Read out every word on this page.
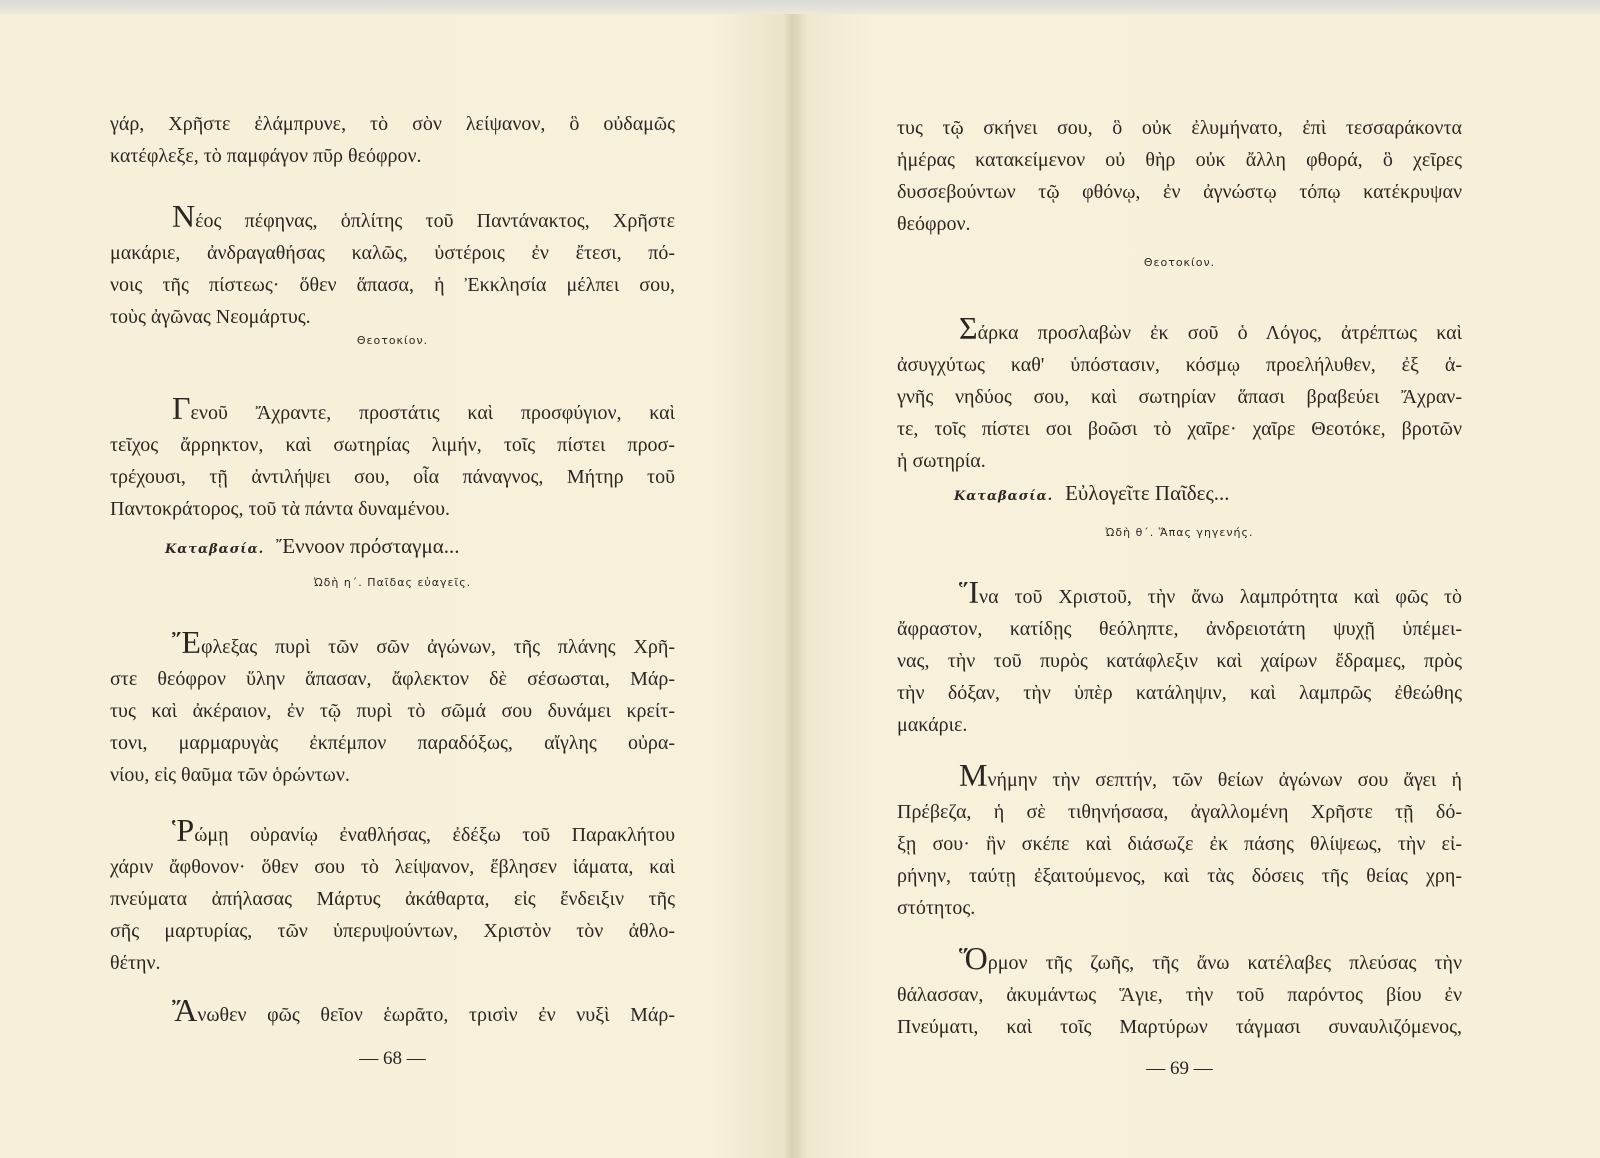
γάρ, Χρῆστε ἐλάμπρυνε, τὸ σὸν λείψανον, ὃ οὐδαμῶς
κατέφλεξε, τὸ παμφάγον πῦρ θεόφρον.
Νέος πέφηνας, ὁπλίτης τοῦ Παντάνακτος, Χρῆστε
μακάριε, ἀνδραγαθήσας καλῶς, ὑστέροις ἐν ἔτεσι, πό-
νοις τῆς πίστεως· ὅθεν ἅπασα, ἡ Ἐκκλησία μέλπει σου,
τοὺς ἀγῶνας Νεομάρτυς.
Θεοτοκίον.
Γενοῦ Ἄχραντε, προστάτις καὶ προσφύγιον, καὶ
τεῖχος ἄρρηκτον, καὶ σωτηρίας λιμήν, τοῖς πίστει προσ-
τρέχουσι, τῇ ἀντιλήψει σου, οἷα πάναγνος, Μήτηρ τοῦ
Παντοκράτορος, τοῦ τὰ πάντα δυναμένου.
Καταβασία. Ἔννοον πρόσταγμα...
Ὠδὴ η΄. Παῖδας εὐαγεῖς.
Ἔφλεξας πυρὶ τῶν σῶν ἀγώνων, τῆς πλάνης Χρῆ-
στε θεόφρον ὕλην ἅπασαν, ἄφλεκτον δὲ σέσωσται, Μάρ-
τυς καὶ ἀκέραιον, ἐν τῷ πυρὶ τὸ σῶμά σου δυνάμει κρείτ-
τονι, μαρμαρυγὰς ἐκπέμπον παραδόξως, αἴγλης οὐρα-
νίου, εἰς θαῦμα τῶν ὁρώντων.
Ῥώμῃ οὐρανίῳ ἐναθλήσας, ἐδέξω τοῦ Παρακλήτου
χάριν ἄφθονον· ὅθεν σου τὸ λείψανον, ἔβλησεν ἰάματα, καὶ
πνεύματα ἀπήλασας Μάρτυς ἀκάθαρτα, εἰς ἔνδειξιν τῆς
σῆς μαρτυρίας, τῶν ὑπερυψούντων, Χριστὸν τὸν ἀθλο-
θέτην.
Ἄνωθεν φῶς θεῖον ἑωρᾶτο, τρισὶν ἐν νυξὶ Μάρ-
— 68 —
τυς τῷ σκήνει σου, ὃ οὐκ ἐλυμήνατο, ἐπὶ τεσσαράκοντα
ἡμέρας κατακείμενον οὐ θὴρ οὐκ ἄλλη φθορά, ὃ χεῖρες
δυσσεβούντων τῷ φθόνῳ, ἐν ἀγνώστῳ τόπῳ κατέκρυψαν
θεόφρον.
Θεοτοκίον.
Σάρκα προσλαβὼν ἐκ σοῦ ὁ Λόγος, ἀτρέπτως καὶ
ἀσυγχύτως καθ' ὑπόστασιν, κόσμῳ προελήλυθεν, ἐξ ἁ-
γνῆς νηδύος σου, καὶ σωτηρίαν ἅπασι βραβεύει Ἄχραν-
τε, τοῖς πίστει σοι βοῶσι τὸ χαῖρε· χαῖρε Θεοτόκε, βροτῶν
ἡ σωτηρία.
Καταβασία. Εὐλογεῖτε Παῖδες...
Ὠδὴ θ΄. Ἅπας γηγενής.
Ἵνα τοῦ Χριστοῦ, τὴν ἄνω λαμπρότητα καὶ φῶς τὸ
ἄφραστον, κατίδῃς θεόληπτε, ἀνδρειοτάτη ψυχῇ ὑπέμει-
νας, τὴν τοῦ πυρὸς κατάφλεξιν καὶ χαίρων ἔδραμες, πρὸς
τὴν δόξαν, τὴν ὑπὲρ κατάληψιν, καὶ λαμπρῶς ἐθεώθης
μακάριε.
Μνήμην τὴν σεπτήν, τῶν θείων ἀγώνων σου ἄγει ἡ
Πρέβεζα, ἡ σὲ τιθηνήσασα, ἀγαλλομένη Χρῆστε τῇ δό-
ξῃ σου· ἣν σκέπε καὶ διάσωζε ἐκ πάσης θλίψεως, τὴν εἰ-
ρήνην, ταύτῃ ἐξαιτούμενος, καὶ τὰς δόσεις τῆς θείας χρη-
στότητος.
Ὅρμον τῆς ζωῆς, τῆς ἄνω κατέλαβες πλεύσας τὴν
θάλασσαν, ἀκυμάντως Ἅγιε, τὴν τοῦ παρόντος βίου ἐν
Πνεύματι, καὶ τοῖς Μαρτύρων τάγμασι συναυλιζόμενος,
— 69 —
